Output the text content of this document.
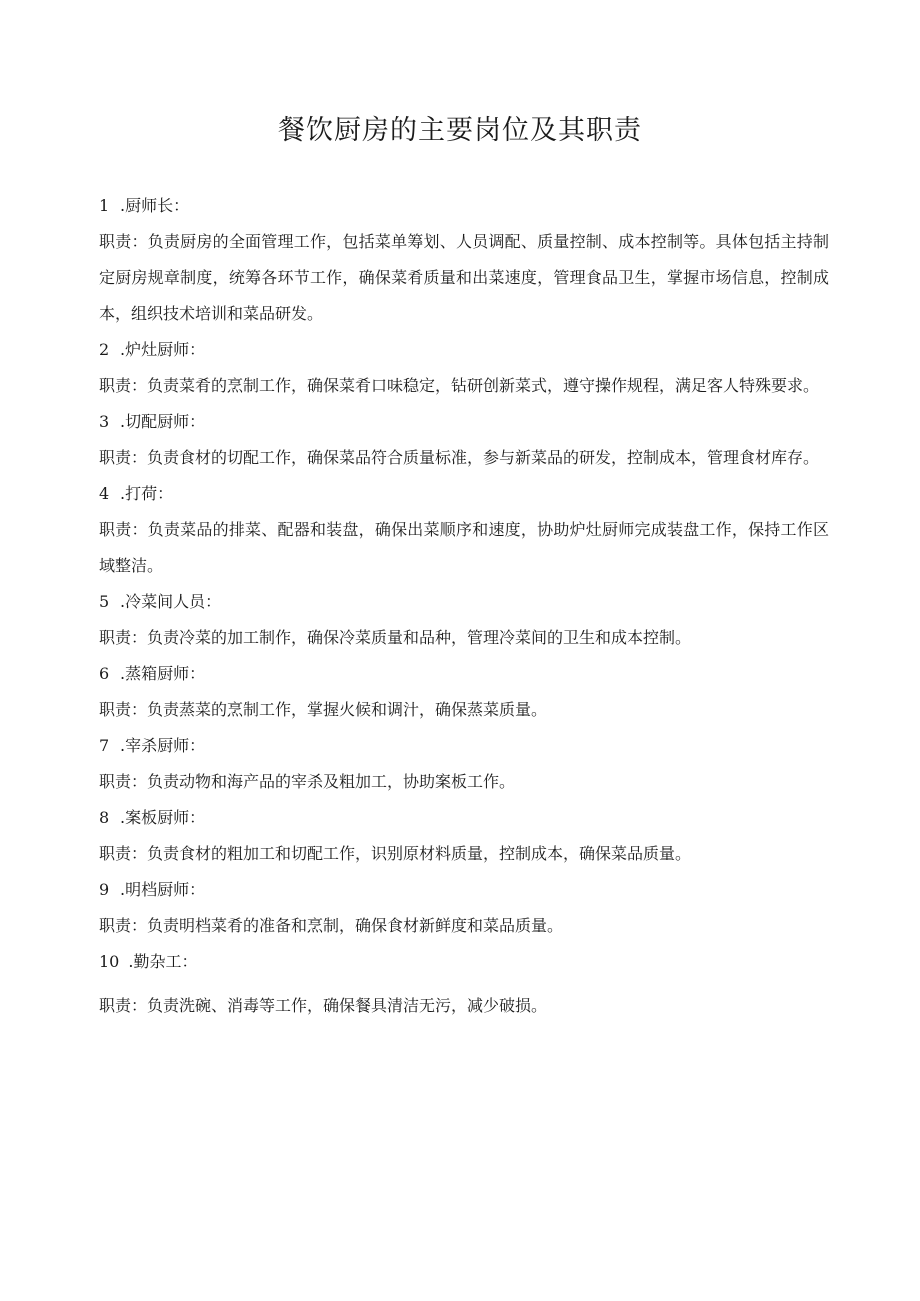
餐饮厨房的主要岗位及其职责

1 .厨师长：

职责：负责厨房的全面管理工作，包括菜单筹划、人员调配、质量控制、成本控制等。具体包括主持制定厨房规章制度，统筹各环节工作，确保菜肴质量和出菜速度，管理食品卫生，掌握市场信息，控制成本，组织技术培训和菜品研发。

2 .炉灶厨师：

职责：负责菜肴的烹制工作，确保菜肴口味稳定，钻研创新菜式，遵守操作规程，满足客人特殊要求。

3 .切配厨师：

职责：负责食材的切配工作，确保菜品符合质量标准，参与新菜品的研发，控制成本，管理食材库存。

4 .打荷：

职责：负责菜品的排菜、配器和装盘，确保出菜顺序和速度，协助炉灶厨师完成装盘工作，保持工作区域整洁。

5 .冷菜间人员：

职责：负责冷菜的加工制作，确保冷菜质量和品种，管理冷菜间的卫生和成本控制。

6 .蒸箱厨师：

职责：负责蒸菜的烹制工作，掌握火候和调汁，确保蒸菜质量。

7 .宰杀厨师：

职责：负责动物和海产品的宰杀及粗加工，协助案板工作。

8 .案板厨师：

职责：负责食材的粗加工和切配工作，识别原材料质量，控制成本，确保菜品质量。

9 .明档厨师：

职责：负责明档菜肴的准备和烹制，确保食材新鲜度和菜品质量。

10 .勤杂工：

职责：负责洗碗、消毒等工作，确保餐具清洁无污，减少破损。
